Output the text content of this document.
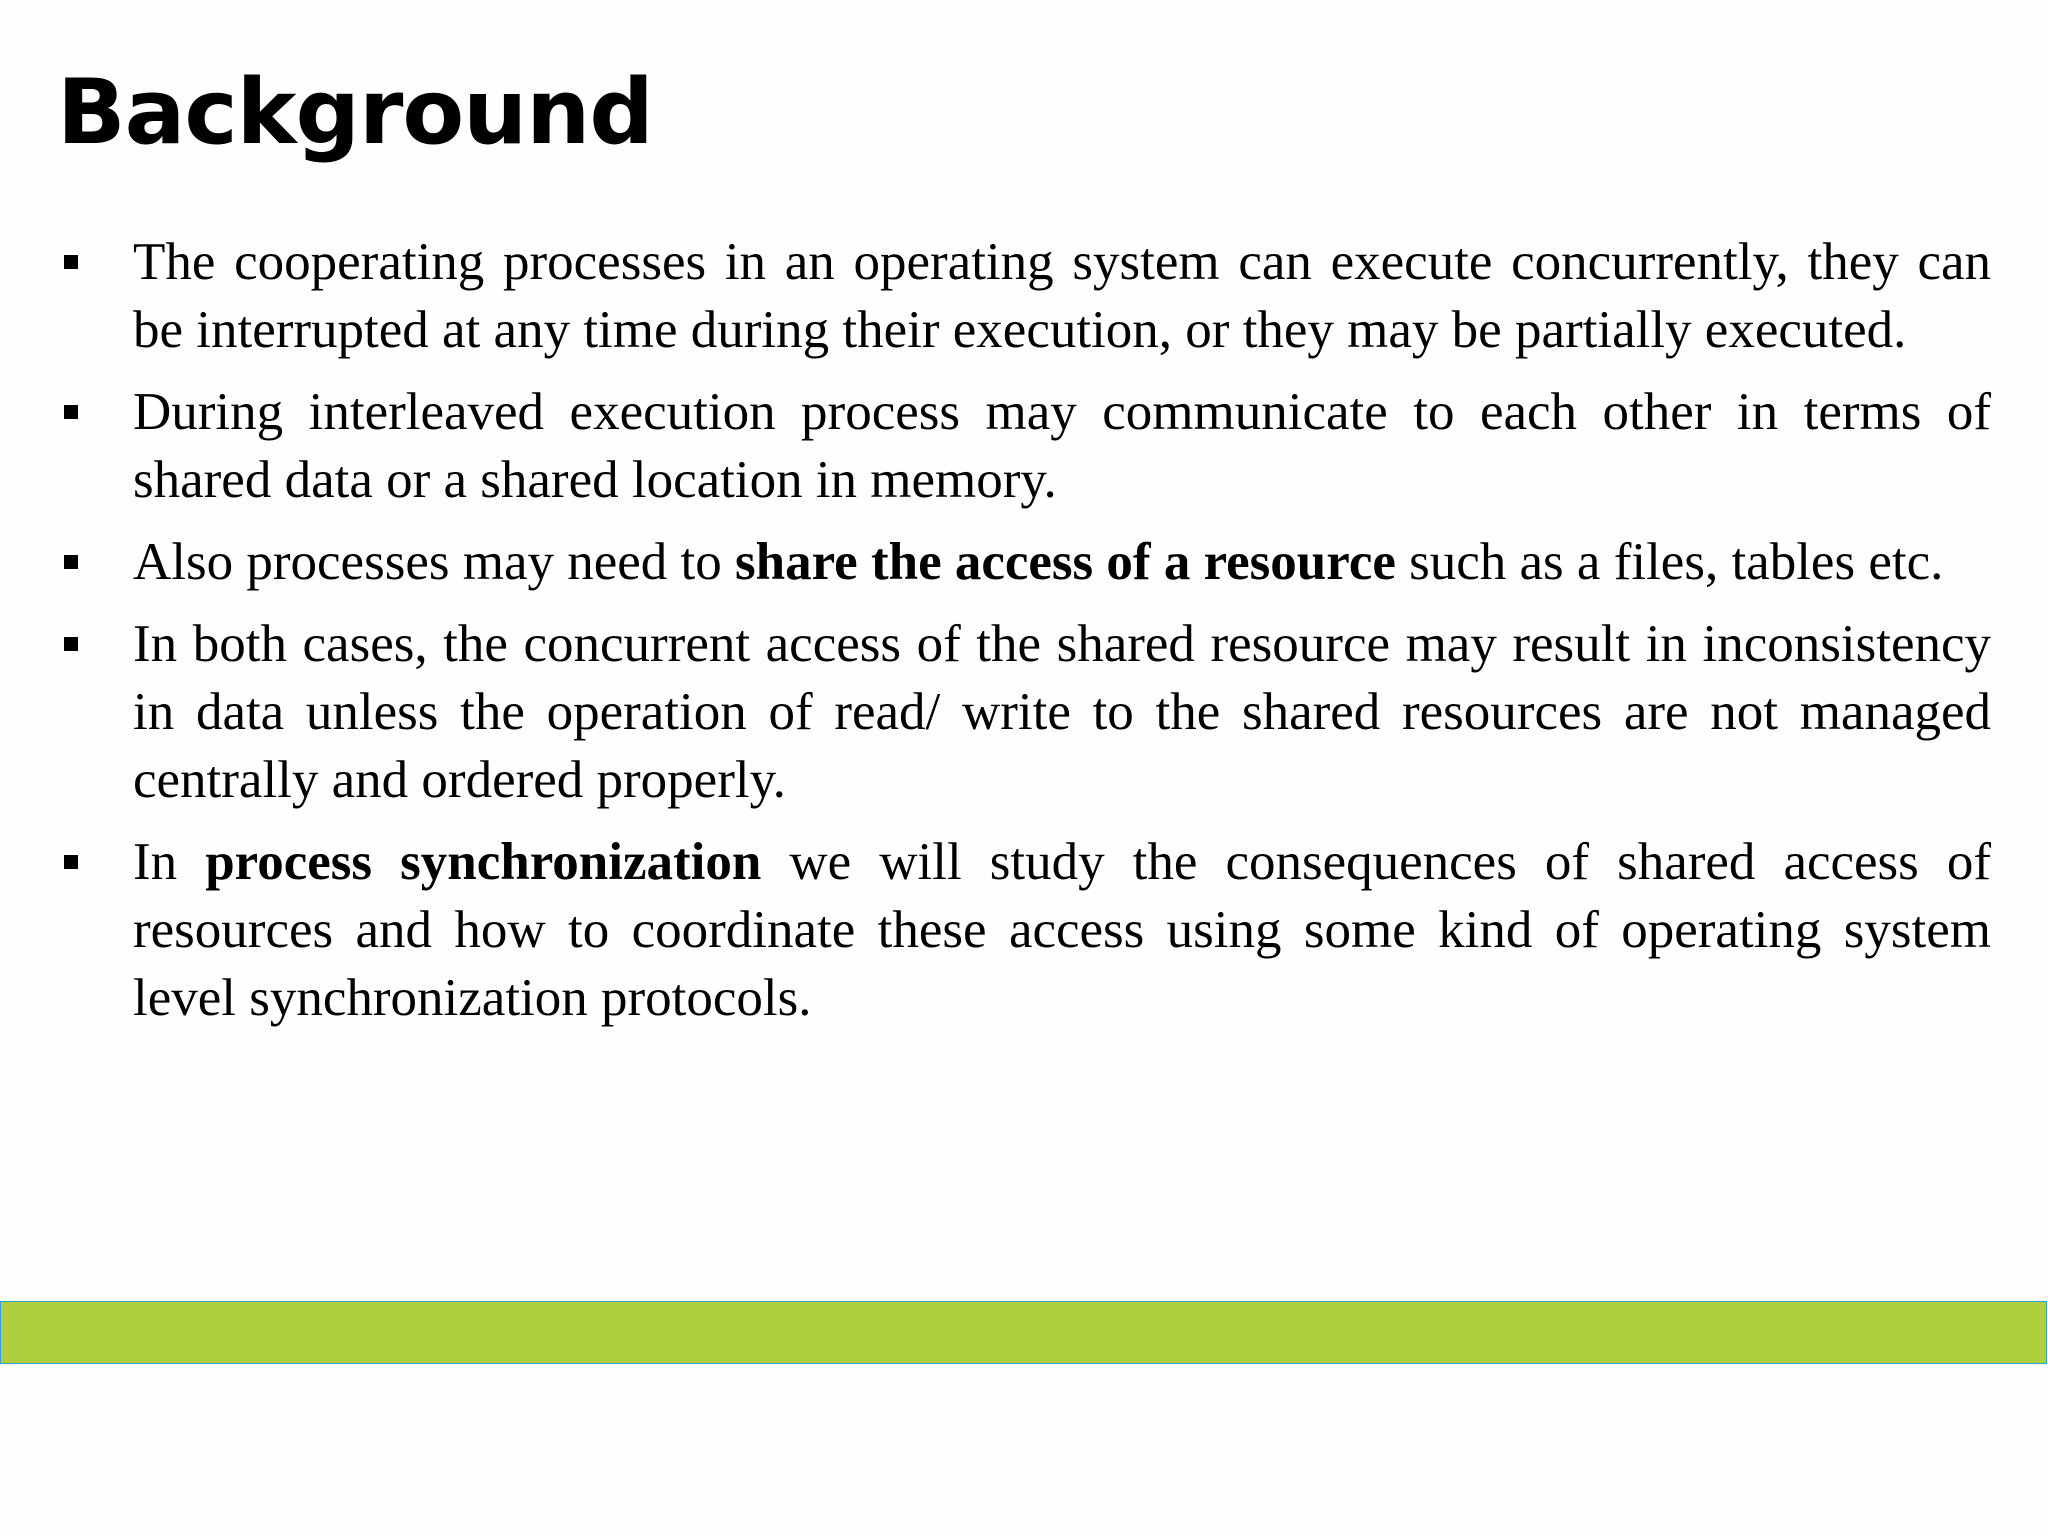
Background
The cooperating processes in an operating system can execute concurrently, they can be interrupted at any time during their execution, or they may be partially executed.
During interleaved execution process may communicate to each other in terms of shared data or a shared location in memory.
Also processes may need to share the access of a resource such as a files, tables etc.
In both cases, the concurrent access of the shared resource may result in inconsistency in data unless the operation of read/ write to the shared resources are not managed centrally and ordered properly.
In process synchronization we will study the consequences of shared access of resources and how to coordinate these access using some kind of operating system level synchronization protocols.
